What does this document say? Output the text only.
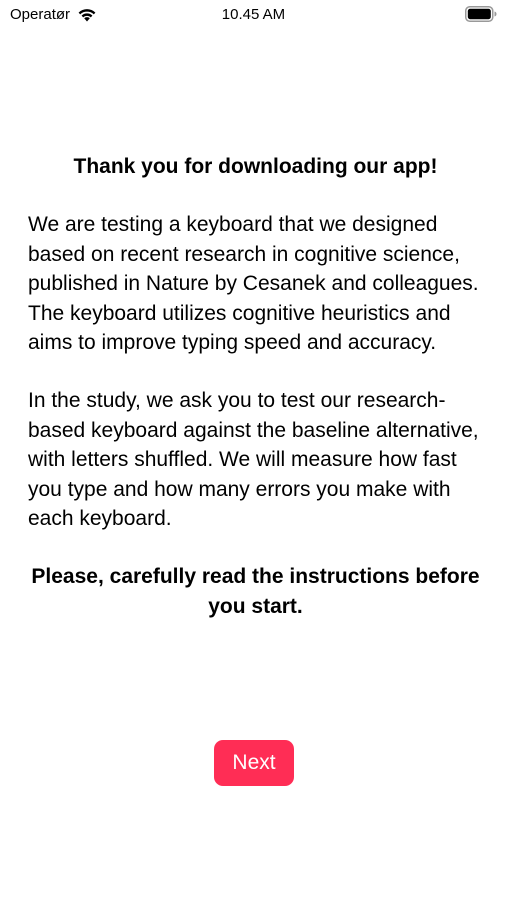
Operatør	10.45 AM

Thank you for downloading our app!

We are testing a keyboard that we designed based on recent research in cognitive science, published in Nature by Cesanek and colleagues. The keyboard utilizes cognitive heuristics and aims to improve typing speed and accuracy.

In the study, we ask you to test our research-based keyboard against the baseline alternative, with letters shuffled. We will measure how fast you type and how many errors you make with each keyboard.

Please, carefully read the instructions before you start.

Next
